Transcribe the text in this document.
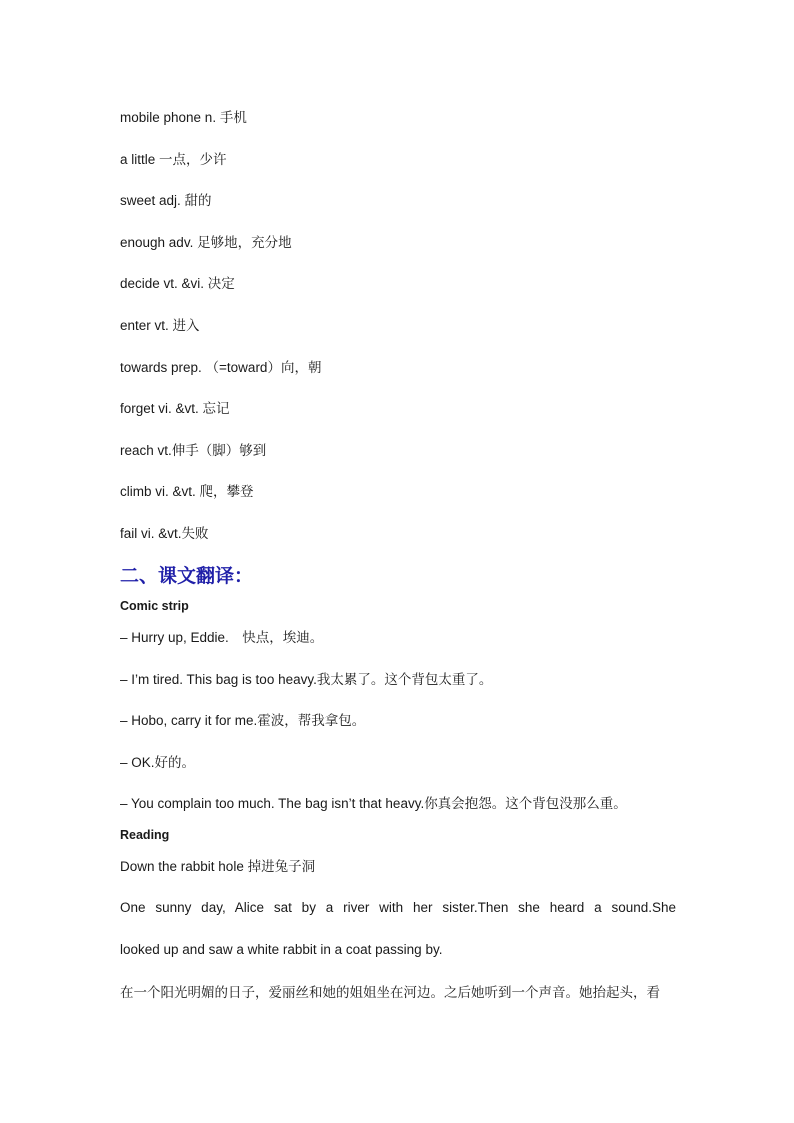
mobile phone n. 手机
a little 一点，少许
sweet adj. 甜的
enough adv. 足够地，充分地
decide vt. &vi. 决定
enter vt. 进入
towards prep. （=toward）向，朝
forget vi. &vt. 忘记
reach vt.伸手（脚）够到
climb vi. &vt. 爬，攀登
fail vi. &vt.失败
二、课文翻译：
Comic strip
– Hurry up, Eddie.　快点，埃迪。
– I’m tired. This bag is too heavy.我太累了。这个背包太重了。
– Hobo, carry it for me.霍波，帮我拿包。
– OK.好的。
– You complain too much. The bag isn’t that heavy.你真会抱怨。这个背包没那么重。
Reading
Down the rabbit hole 掉进兔子洞
One sunny day, Alice sat by a river with her sister.Then she heard a sound.She
looked up and saw a white rabbit in a coat passing by.
在一个阳光明媚的日子，爱丽丝和她的姐姐坐在河边。之后她听到一个声音。她抬起头，看
